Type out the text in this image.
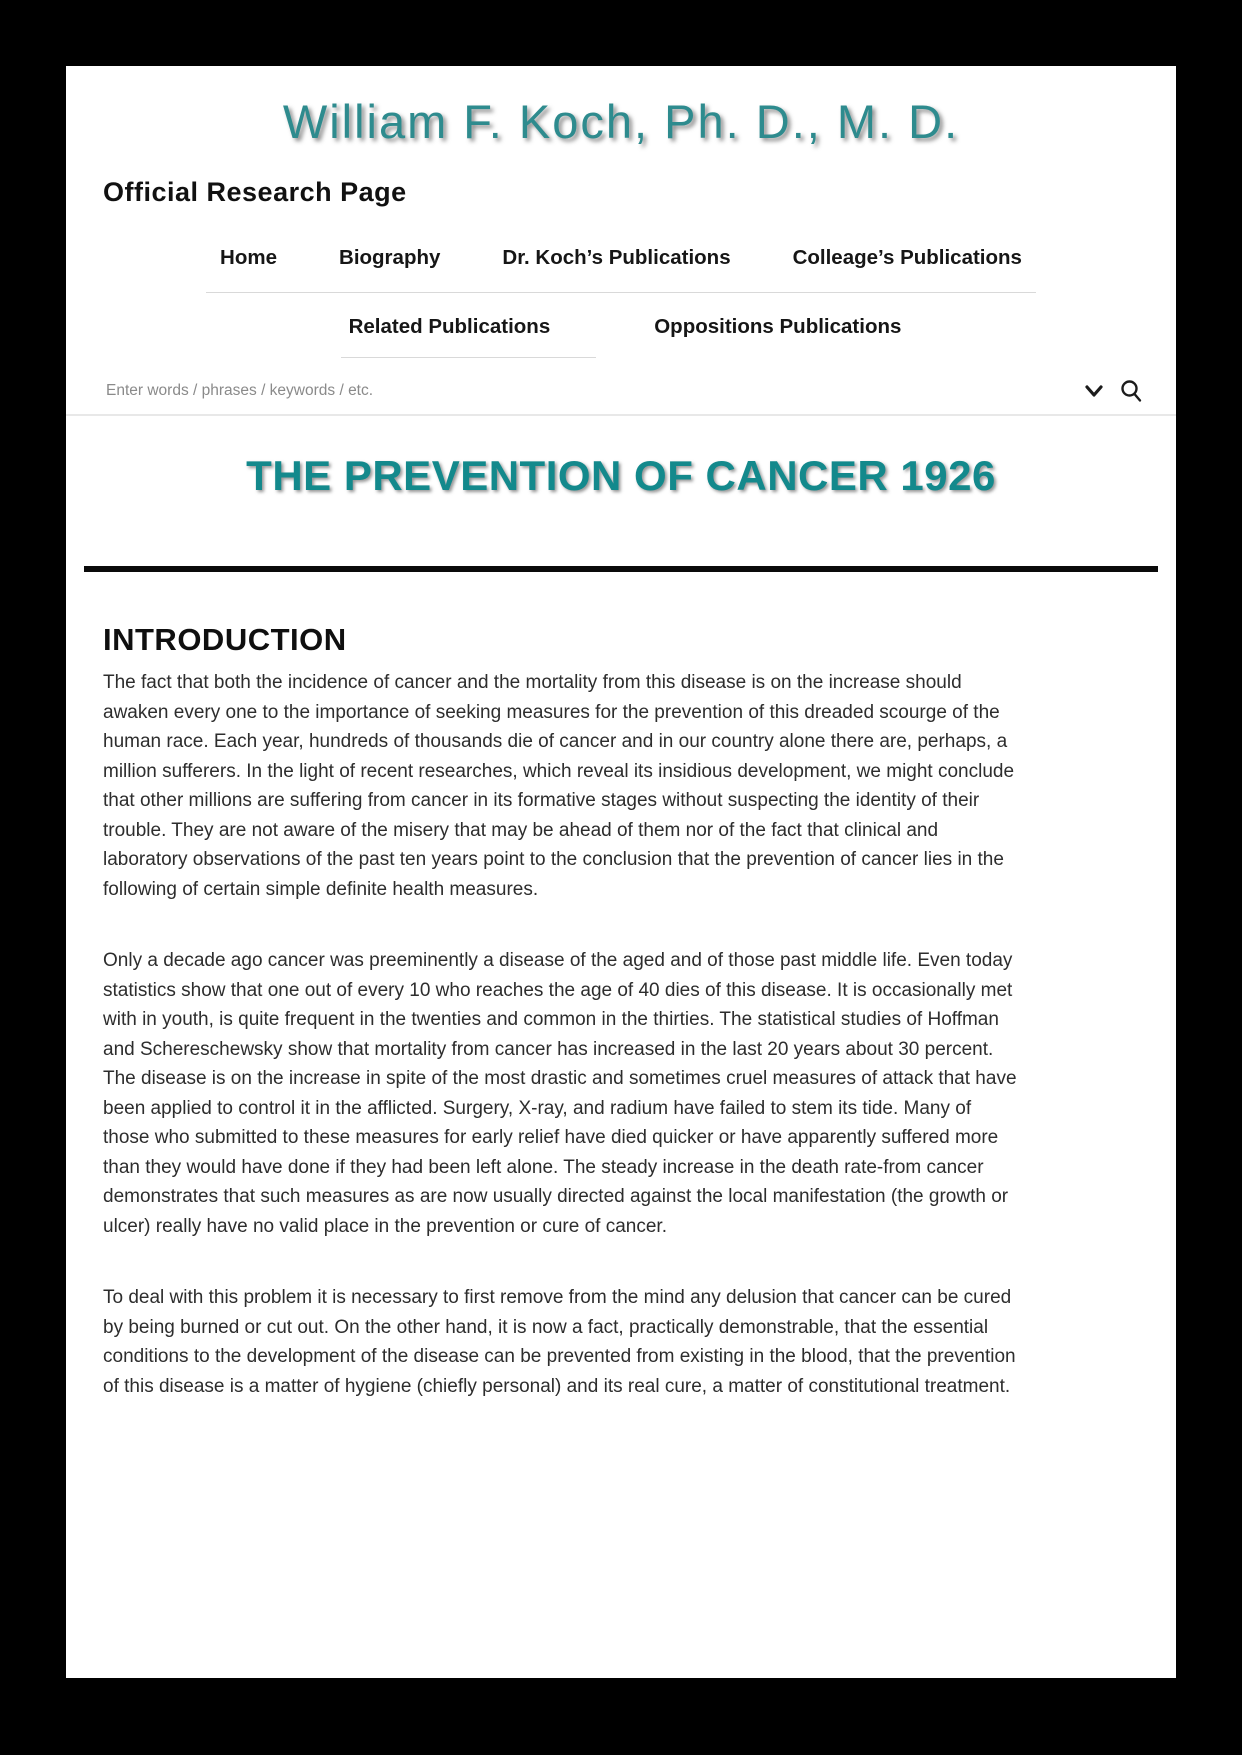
William F. Koch, Ph. D., M. D.
Official Research Page
Home	Biography	Dr. Koch’s Publications	Colleage’s Publications

Related Publications	Oppositions Publications
Enter words / phrases / keywords / etc.
THE PREVENTION OF CANCER 1926
INTRODUCTION

The fact that both the incidence of cancer and the mortality from this disease is on the increase should awaken every one to the importance of seeking measures for the prevention of this dreaded scourge of the human race. Each year, hundreds of thousands die of cancer and in our country alone there are, perhaps, a million sufferers. In the light of recent researches, which reveal its insidious development, we might conclude that other millions are suffering from cancer in its formative stages without suspecting the identity of their trouble. They are not aware of the misery that may be ahead of them nor of the fact that clinical and laboratory observations of the past ten years point to the conclusion that the prevention of cancer lies in the following of certain simple definite health measures.

Only a decade ago cancer was preeminently a disease of the aged and of those past middle life. Even today statistics show that one out of every 10 who reaches the age of 40 dies of this disease. It is occasionally met with in youth, is quite frequent in the twenties and common in the thirties. The statistical studies of Hoffman and Schereschewsky show that mortality from cancer has increased in the last 20 years about 30 percent. The disease is on the increase in spite of the most drastic and sometimes cruel measures of attack that have been applied to control it in the afflicted. Surgery, X-ray, and radium have failed to stem its tide. Many of those who submitted to these measures for early relief have died quicker or have apparently suffered more than they would have done if they had been left alone. The steady increase in the death rate-from cancer demonstrates that such measures as are now usually directed against the local manifestation (the growth or ulcer) really have no valid place in the prevention or cure of cancer.

To deal with this problem it is necessary to first remove from the mind any delusion that cancer can be cured by being burned or cut out. On the other hand, it is now a fact, practically demonstrable, that the essential conditions to the development of the disease can be prevented from existing in the blood, that the prevention of this disease is a matter of hygiene (chiefly personal) and its real cure, a matter of constitutional treatment.
